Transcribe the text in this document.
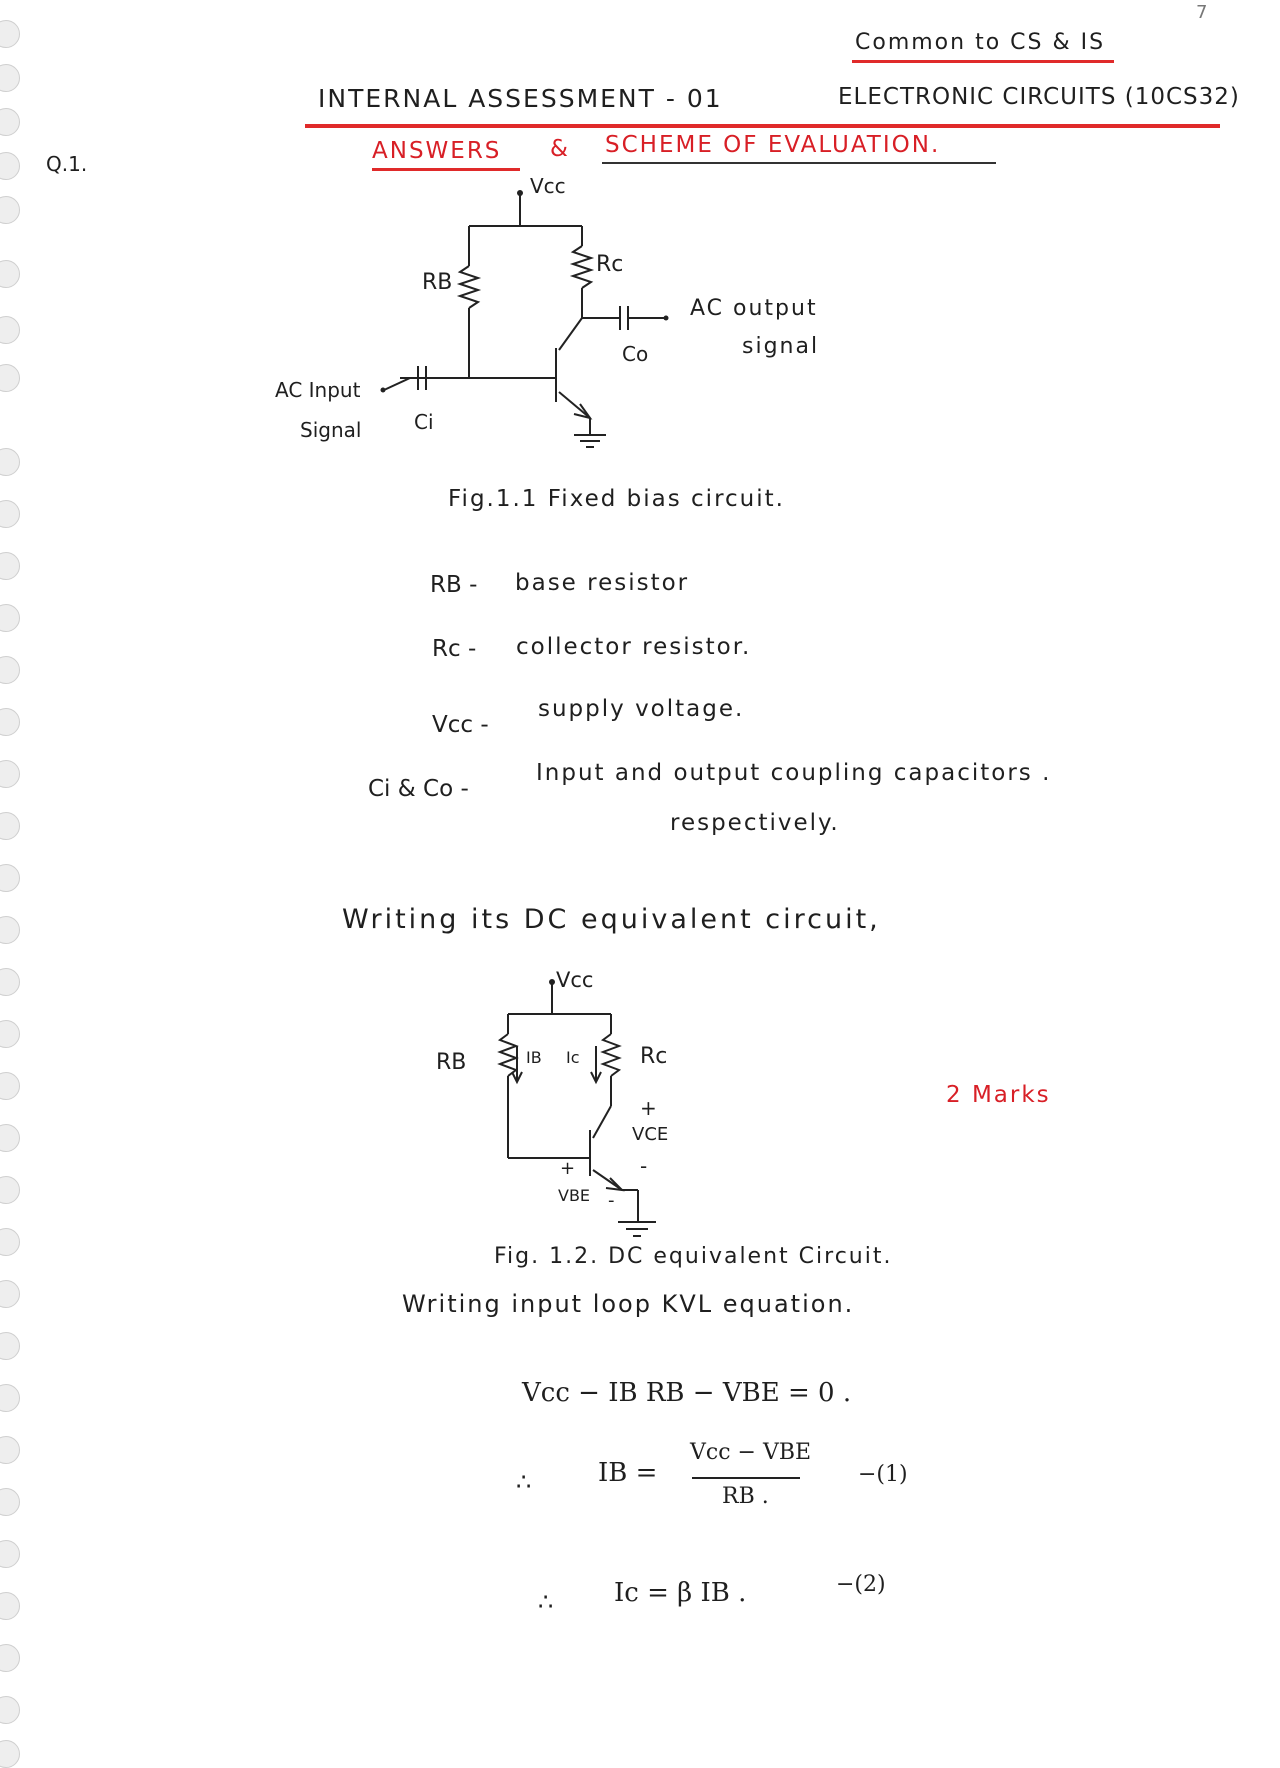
7
Common to CS & IS
INTERNAL ASSESSMENT - 01	ELECTRONIC CIRCUITS (10CS32)
ANSWERS & SCHEME OF EVALUATION.
Q.1.
Vcc
RB
Rc
Co
AC output
signal
AC Input
Signal	Ci
Fig.1.1 Fixed bias circuit.
RB - base resistor
Rc - collector resistor.
Vcc -
supply voltage.
Ci & Co -
Input and output coupling capacitors .
respectively.
Writing its DC equivalent circuit,
Vcc
RB	IB Ic	Rc
+
VCE
-
+
VBE -
2 Marks
Fig. 1.2. DC equivalent Circuit.
Writing input loop KVL equation.
Vcc − IB RB − VBE = 0 .
∴	IB =
Vcc − VBE
RB .
−(1)
∴ Ic = β IB .	−(2)
